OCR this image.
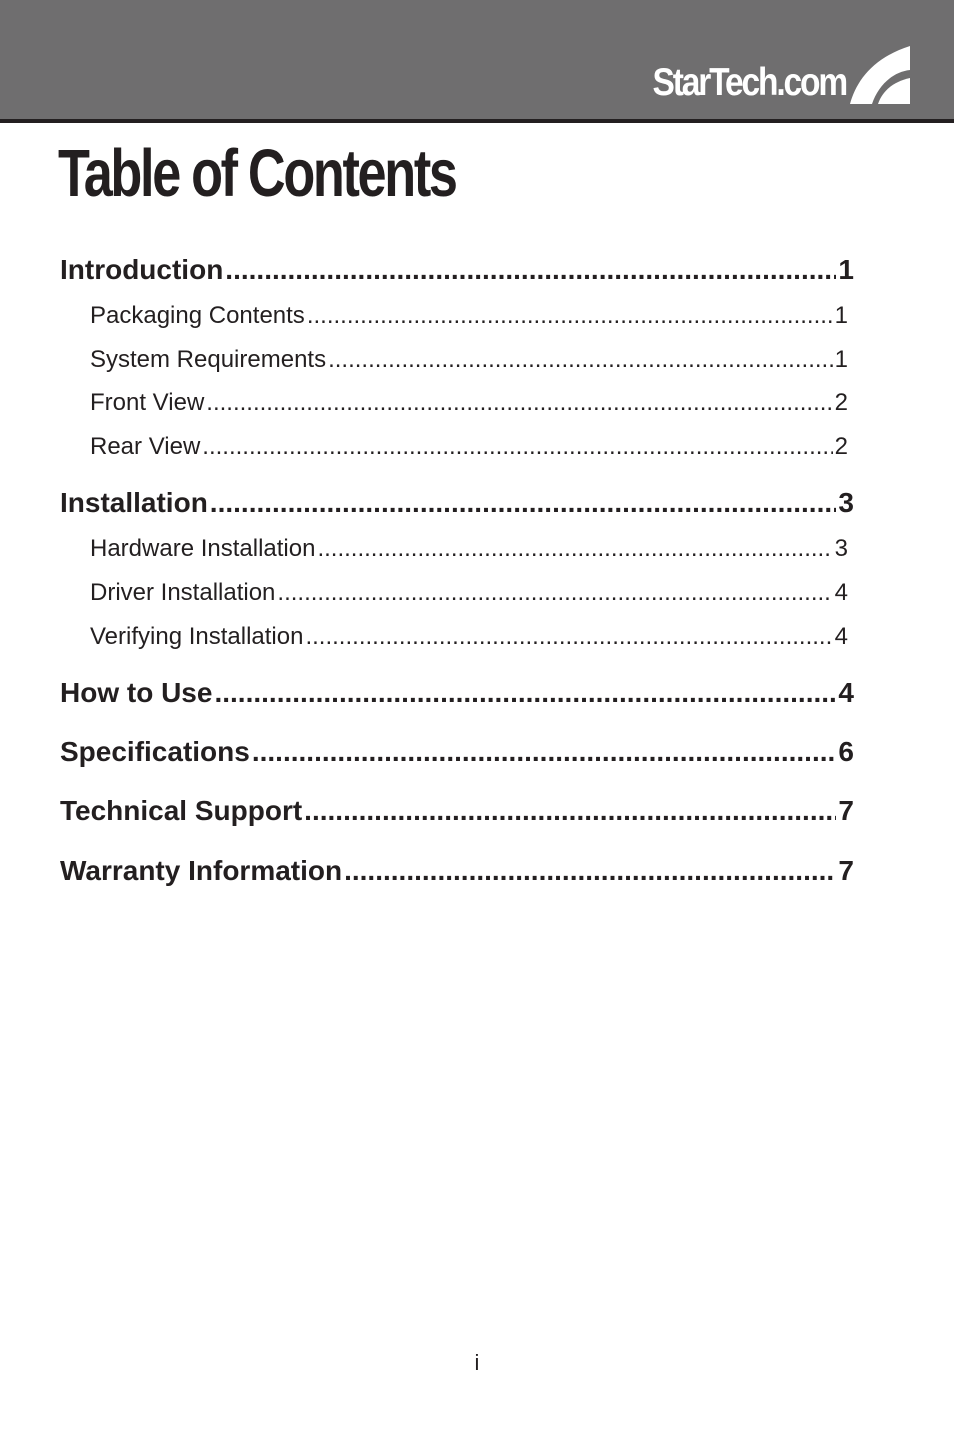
StarTech.com
Table of Contents
Introduction .....	1
Packaging Contents .....	1
System Requirements .....	1
Front View .....	2
Rear View .....	2
Installation .....	3
Hardware Installation .....	3
Driver Installation .....	4
Verifying Installation .....	4
How to Use .....	4
Specifications .....	6
Technical Support .....	7
Warranty Information .....	7
i
